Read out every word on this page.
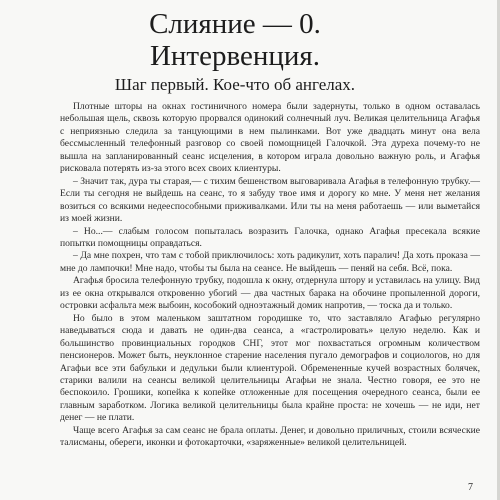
Слияние — 0.
Интервенция.
Шаг первый. Кое-что об ангелах.

Плотные шторы на окнах гостиничного номера были задернуты, только в одном оставалась небольшая щель, сквозь которую прорвался одинокий солнечный луч. Великая целительница Агафья с неприязнью следила за танцующими в нем пылинками. Вот уже двадцать минут она вела бессмысленный телефонный разговор со своей помощницей Галочкой. Эта дуреха почему-то не вышла на запланированный сеанс исцеления, в котором играла довольно важную роль, и Агафья рисковала потерять из-за этого всех своих клиентуры.

– Значит так, дура ты старая,— с тихим бешенством выговаривала Агафья в телефонную трубку.— Если ты сегодня не выйдешь на сеанс, то я забуду твое имя и дорогу ко мне. У меня нет желания возиться со всякими недееспособными приживалками. Или ты на меня работаешь — или выметайся из моей жизни.

– Но...— слабым голосом попыталась возразить Галочка, однако Агафья пресекала всякие попытки помощницы оправдаться.

– Да мне похрен, что там с тобой приключилось: хоть радикулит, хоть паралич! Да хоть проказа — мне до лампочки! Мне надо, чтобы ты была на сеансе. Не выйдешь — пеняй на себя. Всё, пока.

Агафья бросила телефонную трубку, подошла к окну, отдернула штору и уставилась на улицу. Вид из ее окна открывался откровенно убогий — два частных барака на обочине пропыленной дороги, островки асфальта меж выбоин, кособокий одноэтажный домик напротив, — тоска да и только.

Но было в этом маленьком заштатном городишке то, что заставляло Агафью регулярно наведываться сюда и давать не один-два сеанса, а «гастролировать» целую неделю. Как и большинство провинциальных городков СНГ, этот мог похвастаться огромным количеством пенсионеров. Может быть, неуклонное старение населения пугало демографов и социологов, но для Агафьи все эти бабульки и дедульки были клиентурой. Обремененные кучей возрастных болячек, старики валили на сеансы великой целительницы Агафьи не знала. Честно говоря, ее это не беспокоило. Грошики, копейка к копейке отложенные для посещения очередного сеанса, были ее главным заработком. Логика великой целительницы была крайне проста: не хочешь — не иди, нет денег — не плати.

Чаще всего Агафья за сам сеанс не брала оплаты. Денег, и довольно приличных, стоили всяческие талисманы, обереги, иконки и фотокарточки, «заряженные» великой целительницей.

7
